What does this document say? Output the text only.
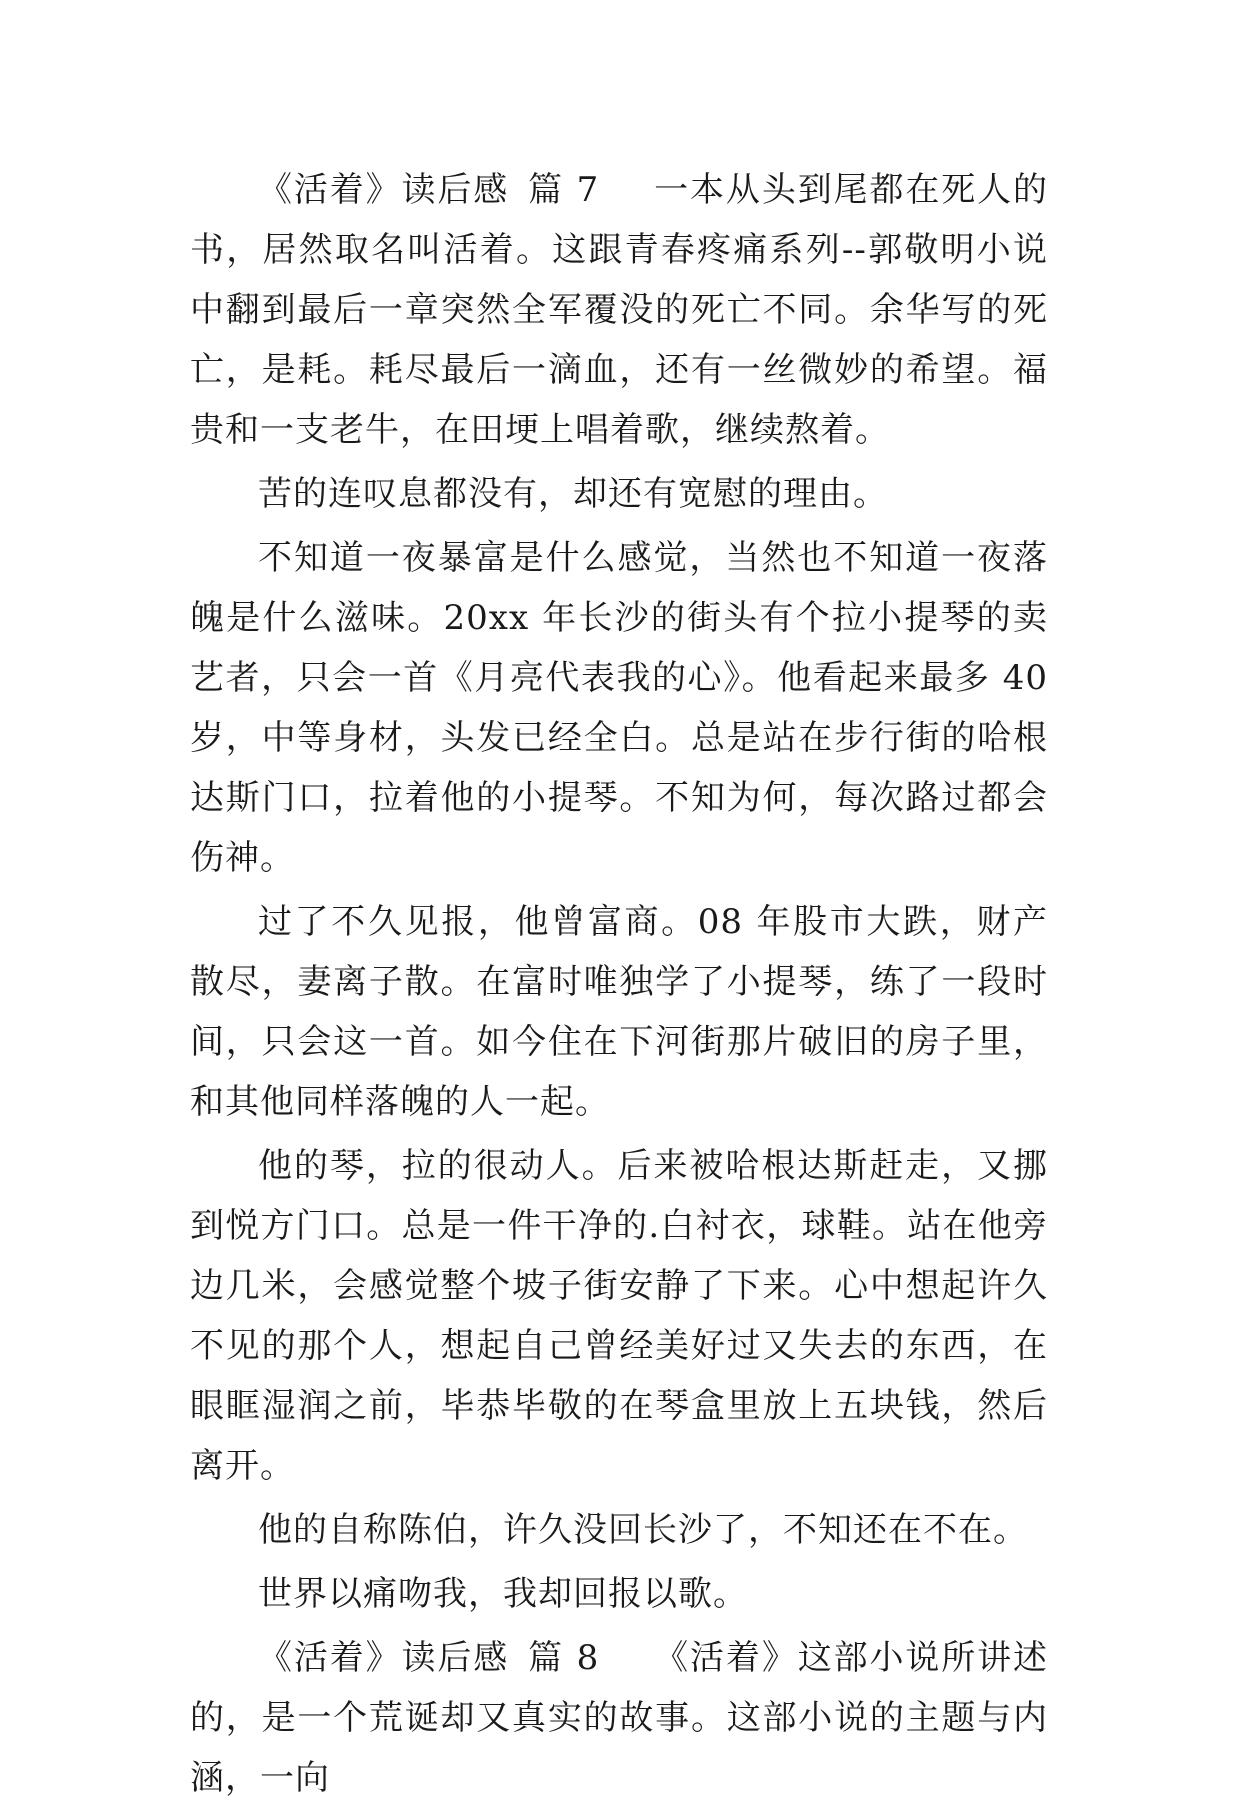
《活着》读后感 篇 7 一本从头到尾都在死人的书，居然取名叫活着。这跟青春疼痛系列--郭敬明小说中翻到最后一章突然全军覆没的死亡不同。余华写的死亡，是耗。耗尽最后一滴血，还有一丝微妙的希望。福贵和一支老牛，在田埂上唱着歌，继续熬着。

苦的连叹息都没有，却还有宽慰的理由。

不知道一夜暴富是什么感觉，当然也不知道一夜落魄是什么滋味。20xx 年长沙的街头有个拉小提琴的卖艺者，只会一首《月亮代表我的心》。他看起来最多 40 岁，中等身材，头发已经全白。总是站在步行街的哈根达斯门口，拉着他的小提琴。不知为何，每次路过都会伤神。

过了不久见报，他曾富商。08 年股市大跌，财产散尽，妻离子散。在富时唯独学了小提琴，练了一段时间，只会这一首。如今住在下河街那片破旧的房子里，和其他同样落魄的人一起。

他的琴，拉的很动人。后来被哈根达斯赶走，又挪到悦方门口。总是一件干净的.白衬衣，球鞋。站在他旁边几米，会感觉整个坡子街安静了下来。心中想起许久不见的那个人，想起自己曾经美好过又失去的东西，在眼眶湿润之前，毕恭毕敬的在琴盒里放上五块钱，然后离开。

他的自称陈伯，许久没回长沙了，不知还在不在。

世界以痛吻我，我却回报以歌。

《活着》读后感 篇 8 《活着》这部小说所讲述的，是一个荒诞却又真实的故事。这部小说的主题与内涵，一向
